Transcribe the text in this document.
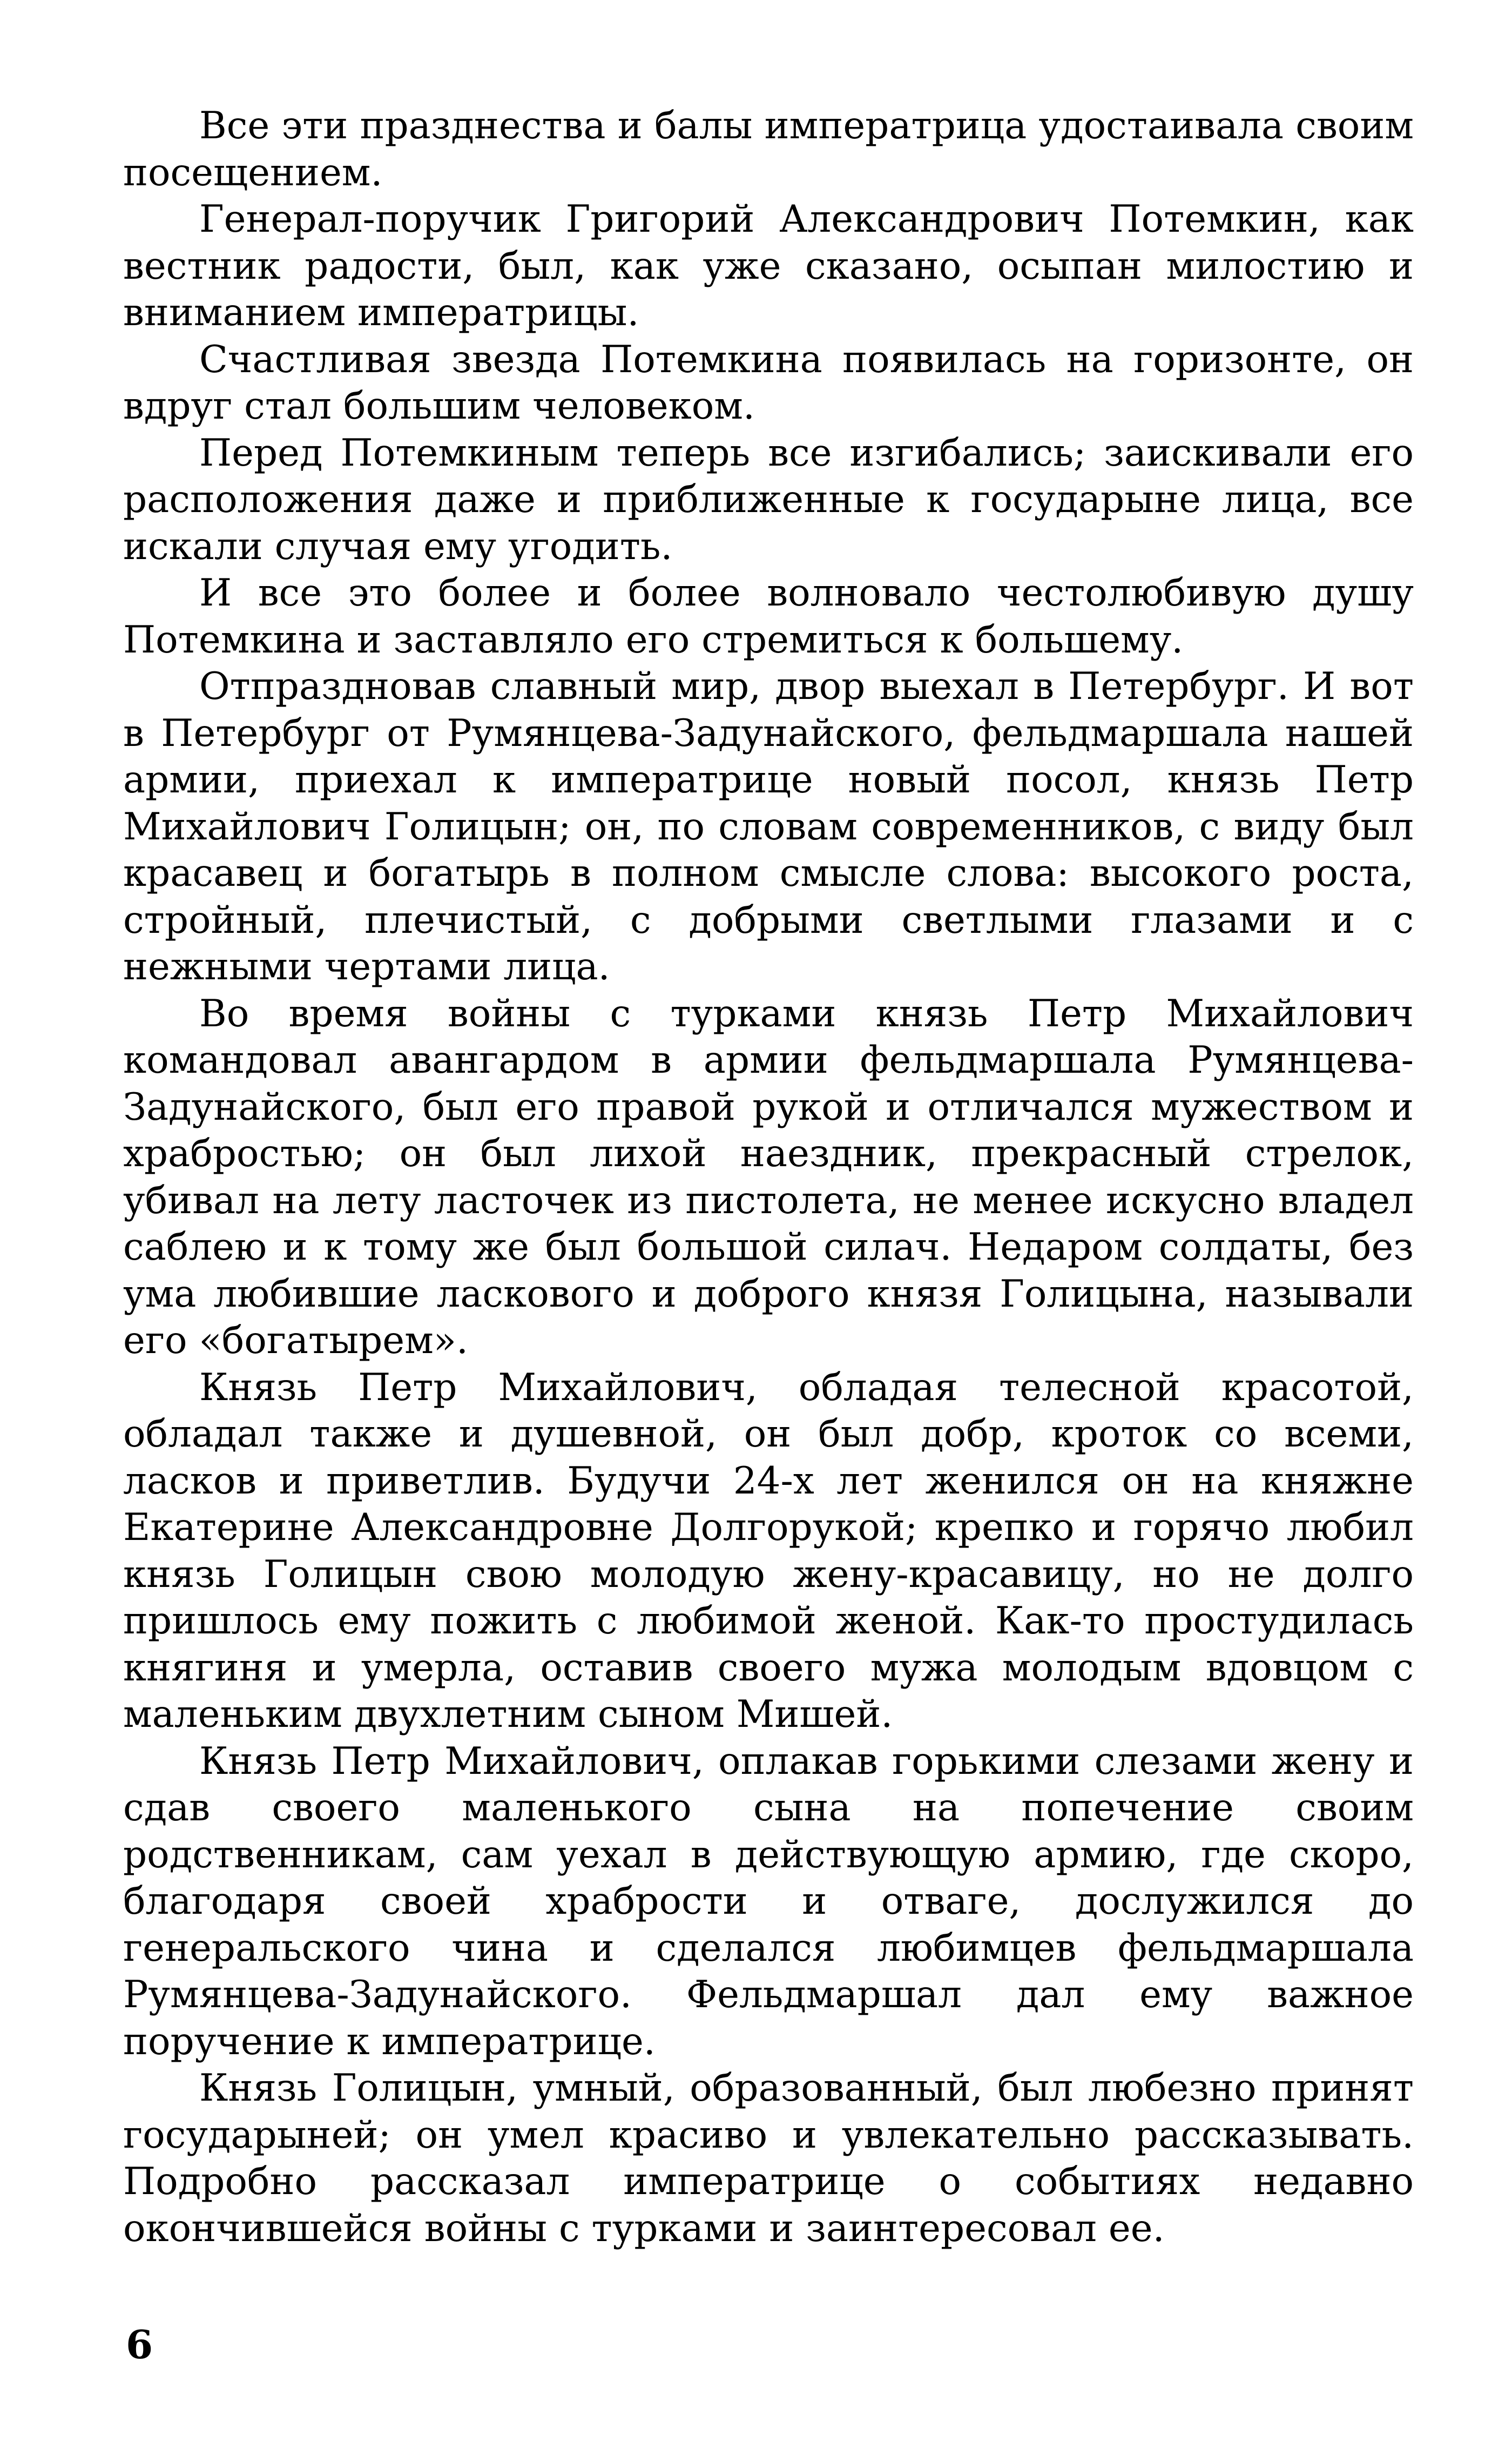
Все эти празднества и балы императрица удостаивала своим посещением.

Генерал-поручик Григорий Александрович Потемкин, как вестник радости, был, как уже сказано, осыпан милостию и вниманием императрицы.

Счастливая звезда Потемкина появилась на горизонте, он вдруг стал большим человеком.

Перед Потемкиным теперь все изгибались; заискивали его расположения даже и приближенные к государыне лица, все искали случая ему угодить.

И все это более и более волновало честолюбивую душу Потемкина и заставляло его стремиться к большему.

Отпраздновав славный мир, двор выехал в Петербург. И вот в Петербург от Румянцева-Задунайского, фельдмаршала нашей армии, приехал к императрице новый посол, князь Петр Михайлович Голицын; он, по словам современников, с виду был красавец и богатырь в полном смысле слова: высокого роста, стройный, плечистый, с добрыми светлыми глазами и с нежными чертами лица.

Во время войны с турками князь Петр Михайлович командовал авангардом в армии фельдмаршала Румянцева-Задунайского, был его правой рукой и отличался мужеством и храбростью; он был лихой наездник, прекрасный стрелок, убивал на лету ласточек из пистолета, не менее искусно владел саблею и к тому же был большой силач. Недаром солдаты, без ума любившие ласкового и доброго князя Голицына, называли его «богатырем».

Князь Петр Михайлович, обладая телесной красотой, обладал также и душевной, он был добр, кроток со всеми, ласков и приветлив. Будучи 24-х лет женился он на княжне Екатерине Александровне Долгорукой; крепко и горячо любил князь Голицын свою молодую жену-красавицу, но не долго пришлось ему пожить с любимой женой. Как-то простудилась княгиня и умерла, оставив своего мужа молодым вдовцом с маленьким двухлетним сыном Мишей.

Князь Петр Михайлович, оплакав горькими слезами жену и сдав своего маленького сына на попечение своим родственникам, сам уехал в действующую армию, где скоро, благодаря своей храбрости и отваге, дослужился до генеральского чина и сделался любимцев фельдмаршала Румянцева-Задунайского. Фельдмаршал дал ему важное поручение к императрице.

Князь Голицын, умный, образованный, был любезно принят государыней; он умел красиво и увлекательно рассказывать. Подробно рассказал императрице о событиях недавно окончившейся войны с турками и заинтересовал ее.

6
